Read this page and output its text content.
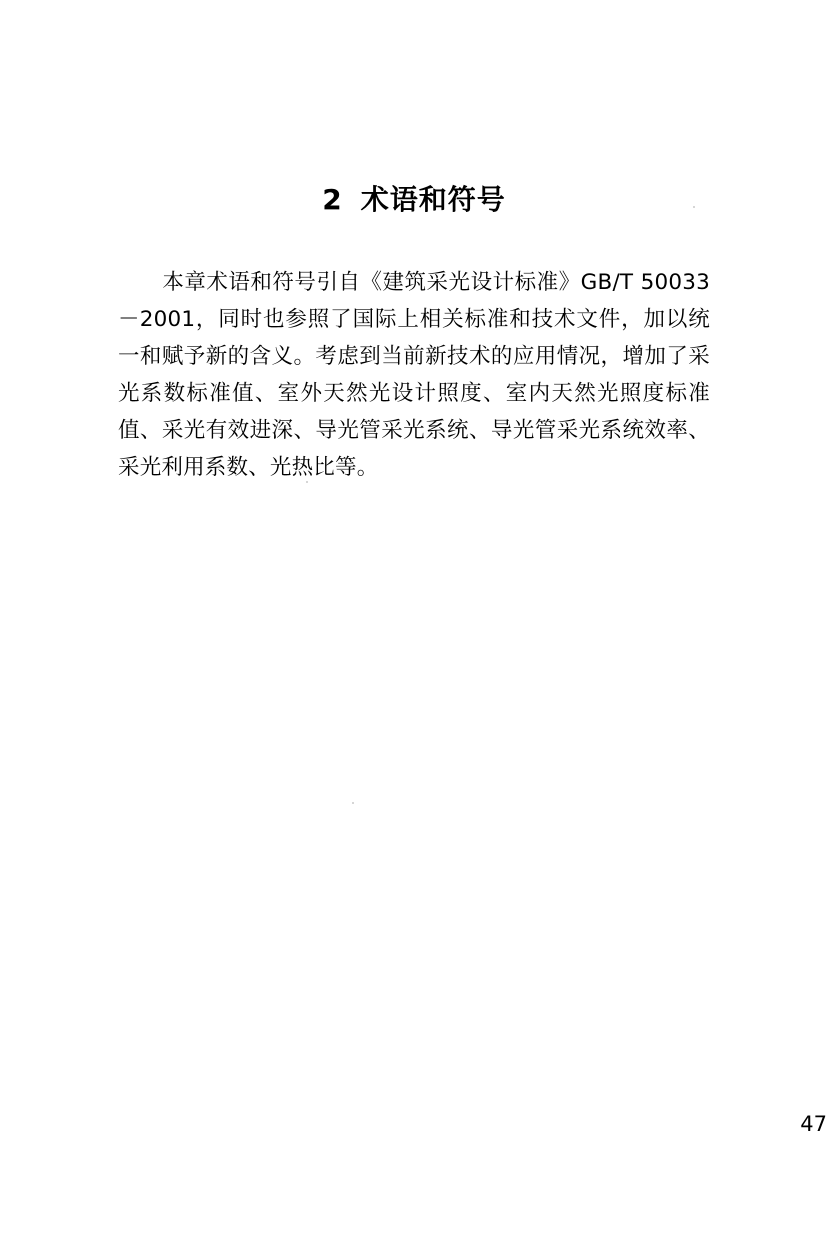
2 术语和符号

本章术语和符号引自《建筑采光设计标准》GB/T 50033－2001，同时也参照了国际上相关标准和技术文件，加以统一和赋予新的含义。考虑到当前新技术的应用情况，增加了采光系数标准值、室外天然光设计照度、室内天然光照度标准值、采光有效进深、导光管采光系统、导光管采光系统效率、采光利用系数、光热比等。

47
